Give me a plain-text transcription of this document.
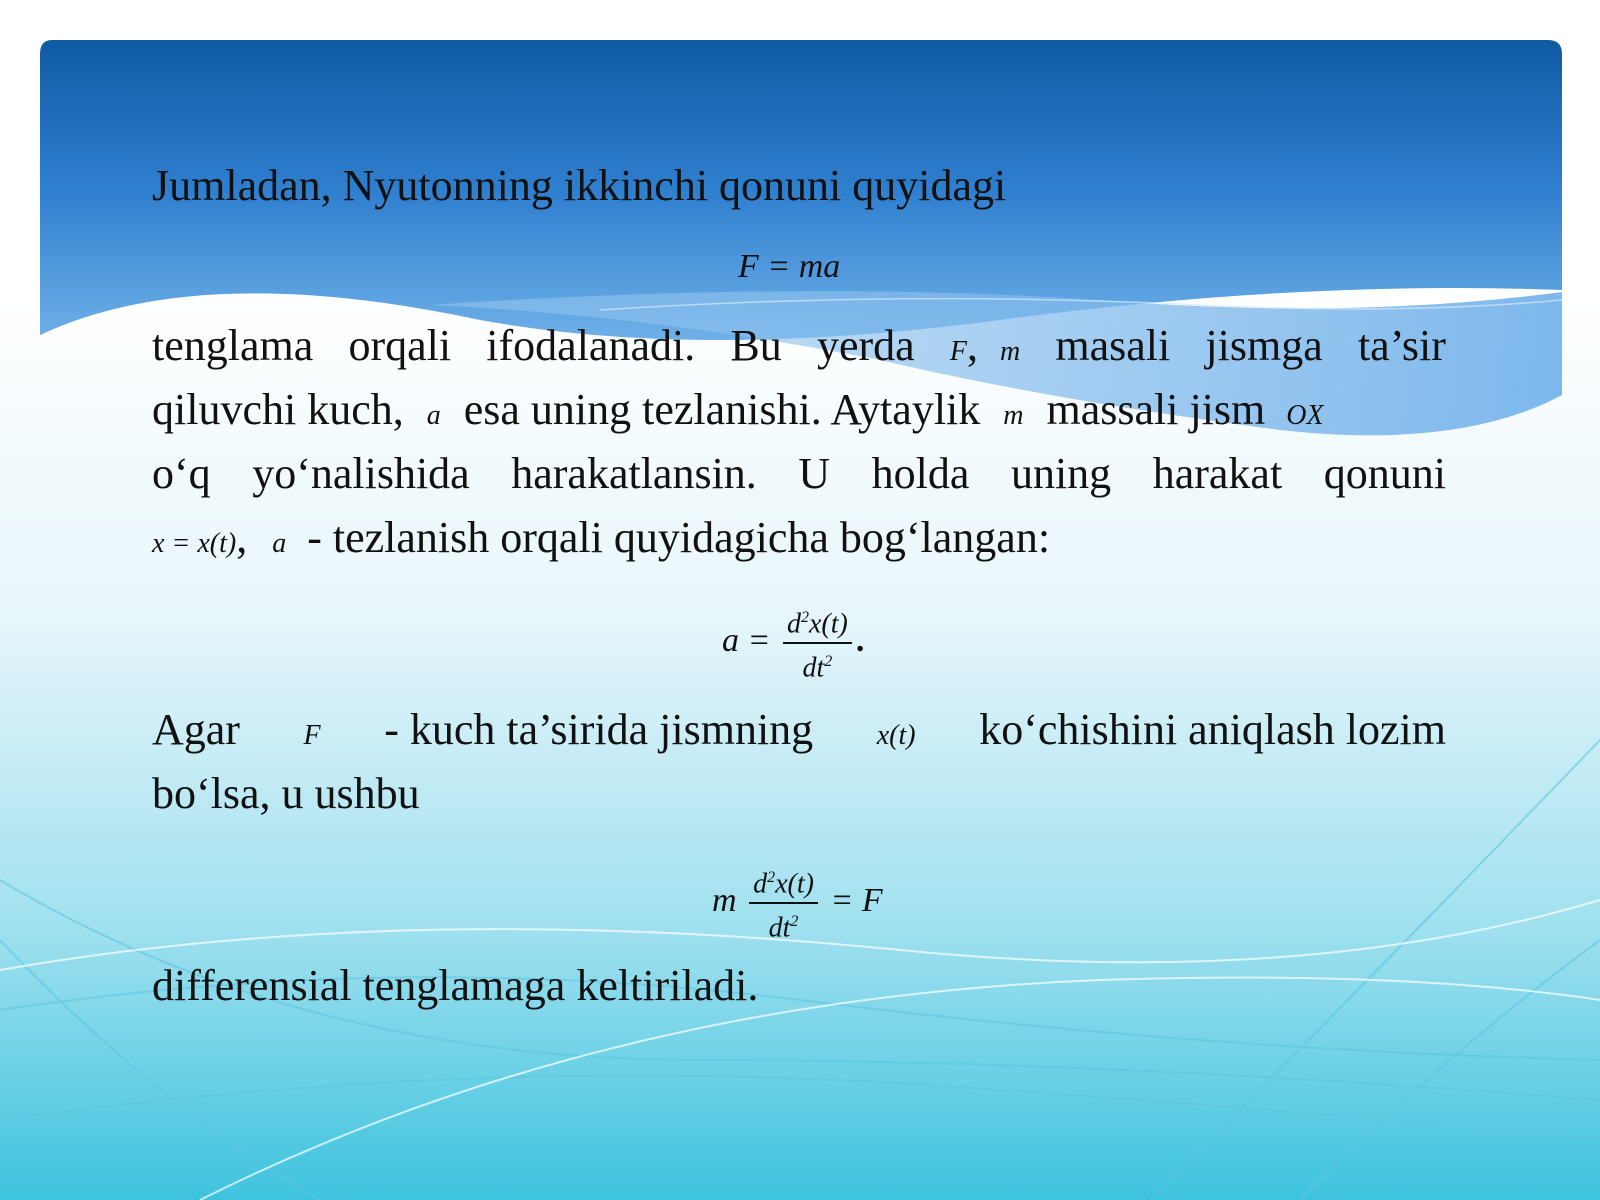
Jumladan, Nyutonning ikkinchi qonuni quyidagi
F = ma
tenglama orqali ifodalanadi. Bu yerda F, m masali jismga ta’sir
qiluvchi kuch, a esa uning tezlanishi. Aytaylik m massali jism OX
o‘q yo‘nalishida harakatlansin. U holda uning harakat qonuni
x = x(t), a - tezlanish orqali quyidagicha bog‘langan:
$a = \frac{d^2x(t)}{dt^2}$ .
Agar F - kuch ta’sirida jismning x(t) ko‘chishini aniqlash lozim
bo‘lsa, u ushbu
m $\frac{d^2x(t)}{dt^2} = F$
differensial tenglamaga keltiriladi.
